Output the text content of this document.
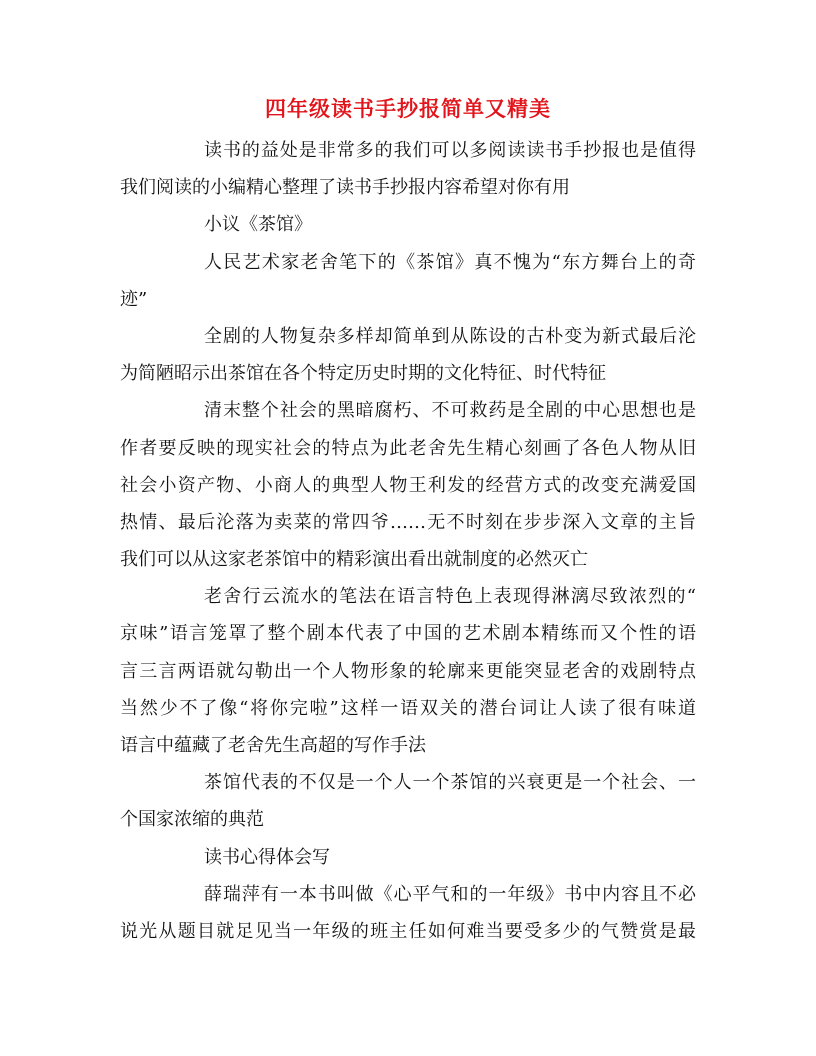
四年级读书手抄报简单又精美
读书的益处是非常多的我们可以多阅读读书手抄报也是值得
我们阅读的小编精心整理了读书手抄报内容希望对你有用
小议《茶馆》
人民艺术家老舍笔下的《茶馆》真不愧为“东方舞台上的奇
迹”
全剧的人物复杂多样却简单到从陈设的古朴变为新式最后沦
为简陋昭示出茶馆在各个特定历史时期的文化特征、时代特征
清末整个社会的黑暗腐朽、不可救药是全剧的中心思想也是
作者要反映的现实社会的特点为此老舍先生精心刻画了各色人物从旧
社会小资产物、小商人的典型人物王利发的经营方式的改变充满爱国
热情、最后沦落为卖菜的常四爷……无不时刻在步步深入文章的主旨
我们可以从这家老茶馆中的精彩演出看出就制度的必然灭亡
老舍行云流水的笔法在语言特色上表现得淋漓尽致浓烈的“
京味”语言笼罩了整个剧本代表了中国的艺术剧本精练而又个性的语
言三言两语就勾勒出一个人物形象的轮廓来更能突显老舍的戏剧特点
当然少不了像“将你完啦”这样一语双关的潜台词让人读了很有味道
语言中蕴藏了老舍先生高超的写作手法
茶馆代表的不仅是一个人一个茶馆的兴衰更是一个社会、一
个国家浓缩的典范
读书心得体会写
薛瑞萍有一本书叫做《心平气和的一年级》书中内容且不必
说光从题目就足见当一年级的班主任如何难当要受多少的气赞赏是最
